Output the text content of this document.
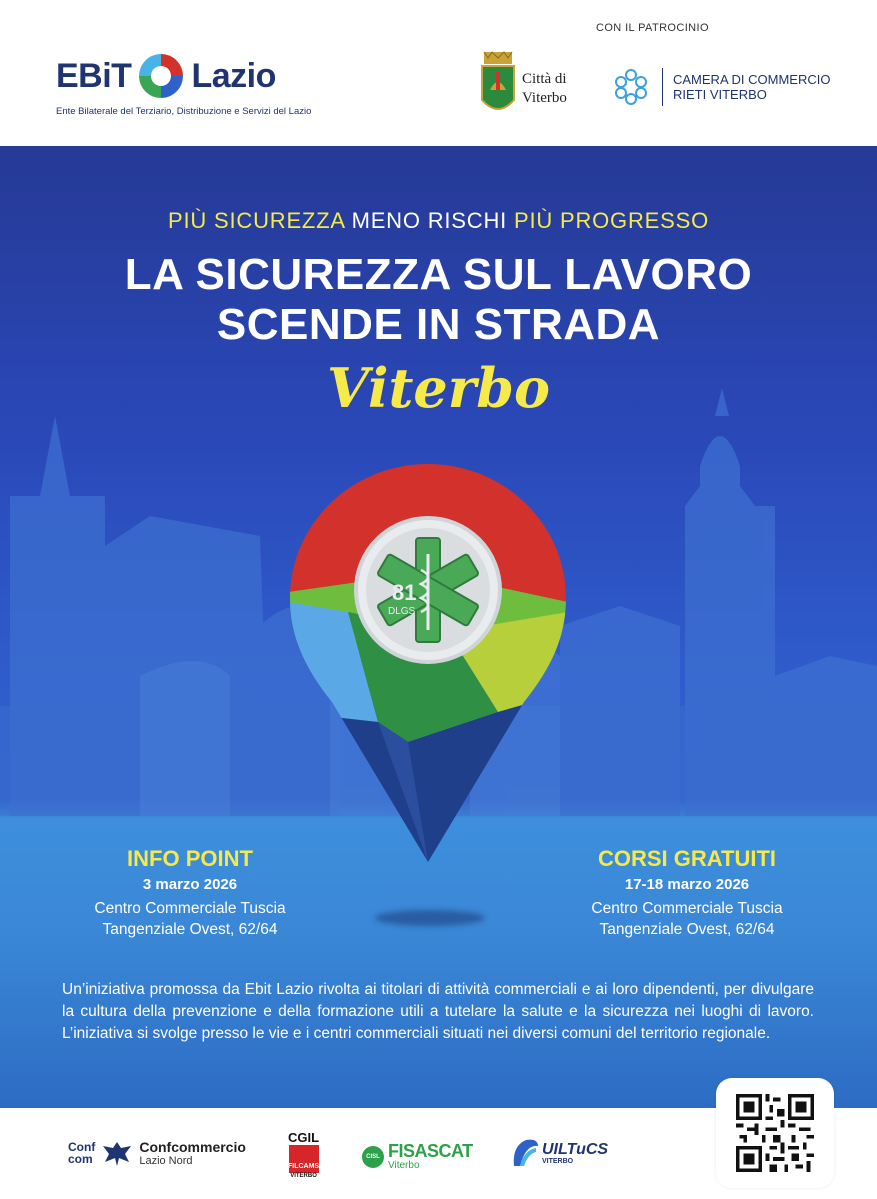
EBiT Lazio
Ente Bilaterale del Terziario, Distribuzione e Servizi del Lazio
CON IL PATROCINIO
Città di
Viterbo
CAMERA DI COMMERCIO
RIETI VITERBO
PIÙ SICUREZZA MENO RISCHI PIÙ PROGRESSO
LA SICUREZZA SUL LAVORO
SCENDE IN STRADA
Viterbo
81
DLGS
INFO POINT
3 marzo 2026
Centro Commerciale Tuscia
Tangenziale Ovest, 62/64
CORSI GRATUITI
17-18 marzo 2026
Centro Commerciale Tuscia
Tangenziale Ovest, 62/64
Un’iniziativa promossa da Ebit Lazio rivolta ai titolari di attività commerciali e ai loro dipendenti, per divulgare la cultura della prevenzione e della formazione utili a tutelare la salute e la sicurezza nei luoghi di lavoro. L’iniziativa si svolge presso le vie e i centri commerciali situati nei diversi comuni del territorio regionale.
Conf
com
Confcommercio
Lazio Nord
CGIL
FILCAMS
VITERBO
CISL FISASCAT
Viterbo
UILTuCS
VITERBO
